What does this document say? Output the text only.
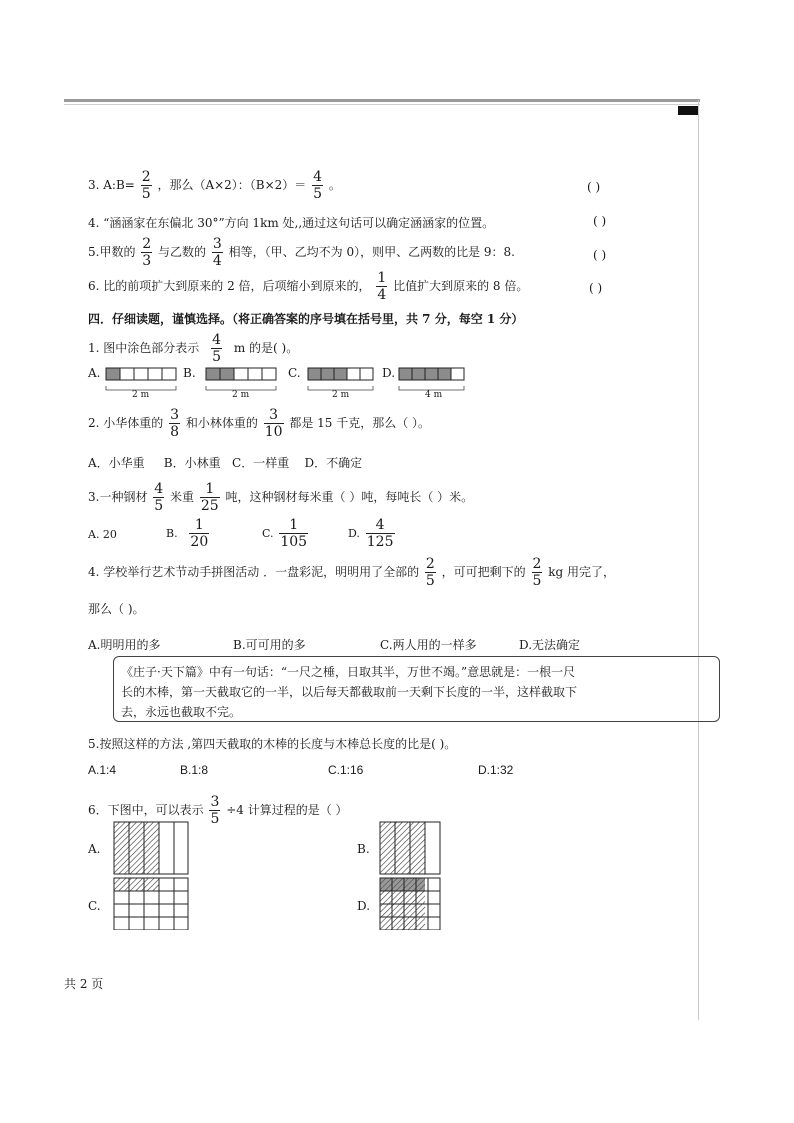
3. A:B= $\frac{2}{5}$ ，那么（A×2）：$(B\times 2)= \frac{4}{5}$ 。	( )
4. “涵涵家在东偏北 30°”方向 1km 处,,通过这句话可以确定涵涵家的位置。	( )
5.甲数的 $\frac{2}{3}$ 与乙数的 $\frac{3}{4}$ 相等，（甲、乙均不为 0），则甲、乙两数的比是 9：8.	( )
6. 比的前项扩大到原来的 2 倍，后项缩小到原来的， $\frac{1}{4}$ 比值扩大到原来的 8 倍。	( )
四．仔细读题，谨慎选择。（将正确答案的序号填在括号里，共 7 分，每空 1 分）
1. 图中涂色部分表示 $\frac{4}{5}$ m 的是( )。
A.	B.	C.	D.
2 m	2 m	2 m	4 m
2. 小华体重的 $\frac{3}{8}$ 和小林体重的 $\frac{3}{10}$ 都是 15 千克，那么（ ）。
A．小华重 B．小林重 C．一样重 D．不确定
3.一种钢材 $\frac{4}{5}$ 米重 $\frac{1}{25}$ 吨，这种钢材每米重（ ）吨，每吨长（ ）米。
A. 20	B. $\frac{1}{20}$	C. $\frac{1}{105}$	D. $\frac{4}{125}$
4. 学校举行艺术节动手拼图活动 ．一盘彩泥，明明用了全部的 $\frac{2}{5}$ ，可可把剩下的 $\frac{2}{5}$ kg 用完了，
那么（ )。
A.明明用的多	B.可可用的多	C.两人用的一样多	D.无法确定
《庄子·天下篇》中有一句话：“一尺之棰，日取其半，万世不竭。”意思就是：一根一尺
长的木棒，第一天截取它的一半，以后每天都截取前一天剩下长度的一半，这样截取下
去，永远也截取不完。
5.按照这样的方法 ,第四天截取的木棒的长度与木棒总长度的比是( )。
A.1:4	B.1:8	C.1:16	D.1:32
6．下图中，可以表示 $\frac{3}{5} \div 4$ 计算过程的是（ ）
A.	B.
C.	D.
共 2 页
